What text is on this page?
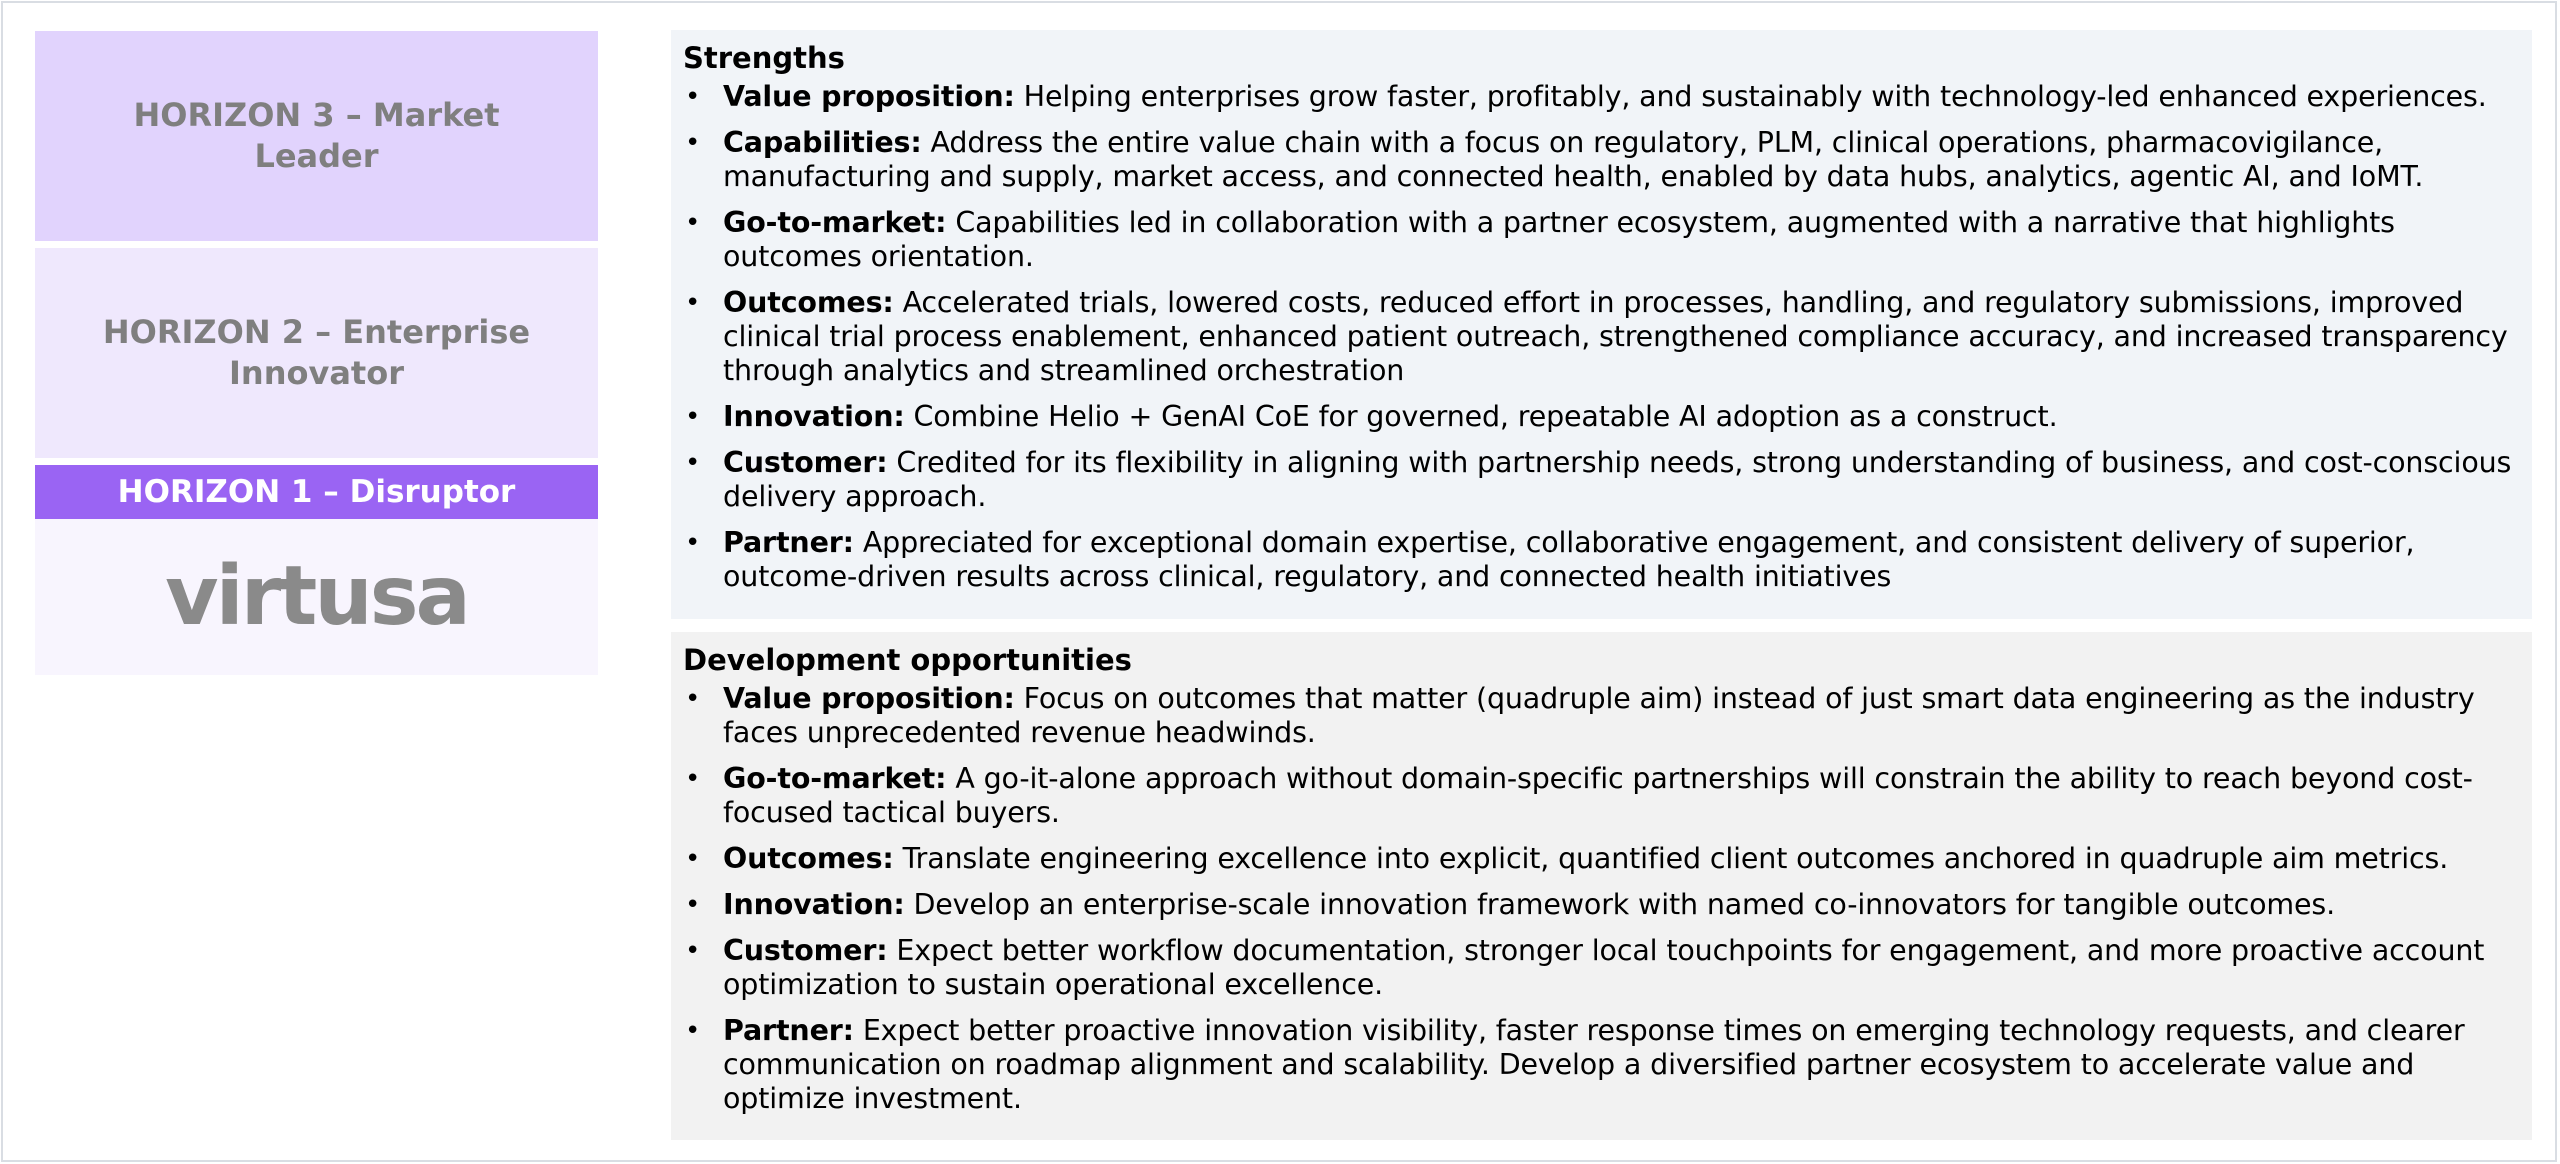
HORIZON 3 – Market Leader
HORIZON 2 – Enterprise Innovator
HORIZON 1 – Disruptor
virtusa
Strengths
• Value proposition: Helping enterprises grow faster, profitably, and sustainably with technology-led enhanced experiences.
• Capabilities: Address the entire value chain with a focus on regulatory, PLM, clinical operations, pharmacovigilance, manufacturing and supply, market access, and connected health, enabled by data hubs, analytics, agentic AI, and IoMT.
• Go-to-market: Capabilities led in collaboration with a partner ecosystem, augmented with a narrative that highlights outcomes orientation.
• Outcomes: Accelerated trials, lowered costs, reduced effort in processes, handling, and regulatory submissions, improved clinical trial process enablement, enhanced patient outreach, strengthened compliance accuracy, and increased transparency through analytics and streamlined orchestration
• Innovation: Combine Helio + GenAI CoE for governed, repeatable AI adoption as a construct.
• Customer: Credited for its flexibility in aligning with partnership needs, strong understanding of business, and cost-conscious delivery approach.
• Partner: Appreciated for exceptional domain expertise, collaborative engagement, and consistent delivery of superior, outcome-driven results across clinical, regulatory, and connected health initiatives
Development opportunities
• Value proposition: Focus on outcomes that matter (quadruple aim) instead of just smart data engineering as the industry faces unprecedented revenue headwinds.
• Go-to-market: A go-it-alone approach without domain-specific partnerships will constrain the ability to reach beyond cost-focused tactical buyers.
• Outcomes: Translate engineering excellence into explicit, quantified client outcomes anchored in quadruple aim metrics.
• Innovation: Develop an enterprise-scale innovation framework with named co-innovators for tangible outcomes.
• Customer: Expect better workflow documentation, stronger local touchpoints for engagement, and more proactive account optimization to sustain operational excellence.
• Partner: Expect better proactive innovation visibility, faster response times on emerging technology requests, and clearer communication on roadmap alignment and scalability. Develop a diversified partner ecosystem to accelerate value and optimize investment.
